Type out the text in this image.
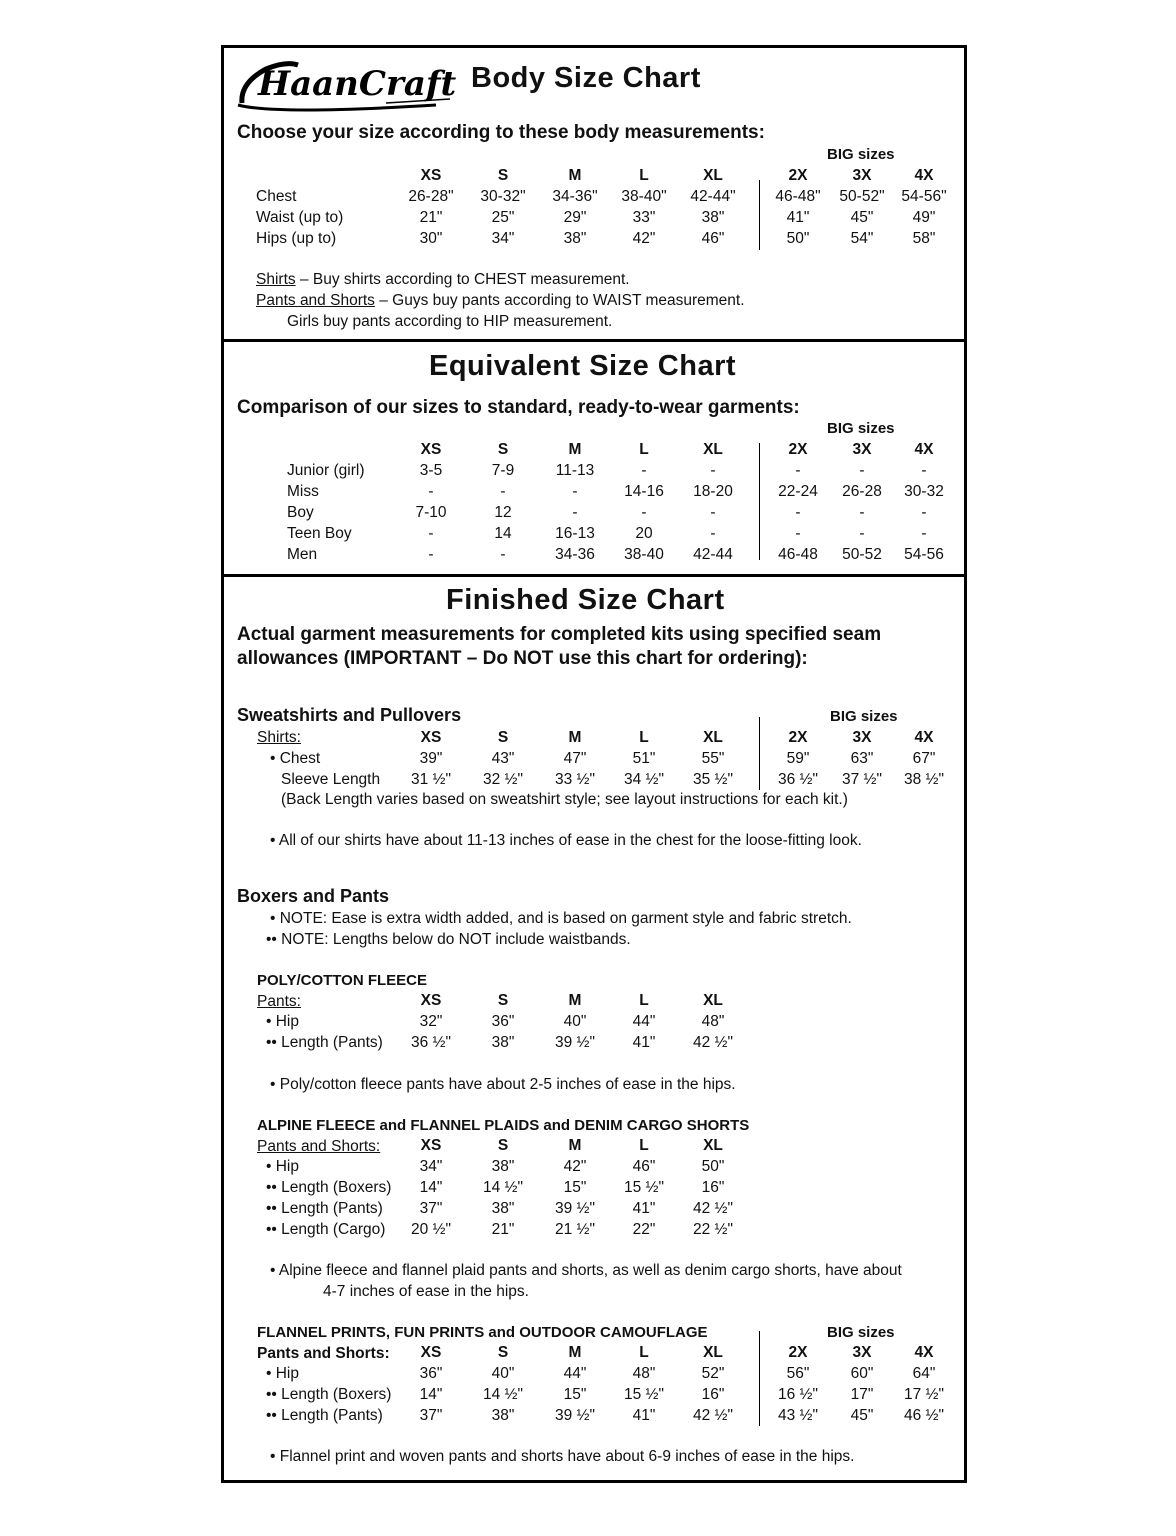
HaanCrafts
Body Size Chart
Choose your size according to these body measurements:
BIG sizes
XS	S	M	L	XL	2X	3X	4X
Chest	26-28" 30-32" 34-36" 38-40" 42-44"	46-48" 50-52" 54-56"
Waist (up to)	21"	25"	29"	33"	38"	41"	45"	49"
Hips (up to)	30"	34"	38"	42"	46"	50"	54"	58"
Shirts – Buy shirts according to CHEST measurement.
Pants and Shorts – Guys buy pants according to WAIST measurement.
Girls buy pants according to HIP measurement.
Equivalent Size Chart
Comparison of our sizes to standard, ready-to-wear garments:
BIG sizes
XS	S	M	L	XL	2X	3X	4X
Junior (girl)	3-5	7-9	11-13	-	-	-	-	-
Miss	-	-	-	14-16 18-20	22-24 26-28 30-32
Boy	7-10	12	-	-	-	-	-	-
Teen Boy	-	14	16-13	20	-	-	-	-
Men	-	-	34-36 38-40 42-44	46-48 50-52 54-56
Finished Size Chart
Actual garment measurements for completed kits using specified seam
allowances (IMPORTANT – Do NOT use this chart for ordering):
Sweatshirts and Pullovers	BIG sizes
Shirts:	XS	S	M	L	XL	2X	3X	4X
• Chest	39"	43"	47"	51"	55"	59"	63"	67"
Sleeve Length 31 ½" 32 ½" 33 ½" 34 ½" 35 ½"	36 ½" 37 ½" 38 ½"
(Back Length varies based on sweatshirt style; see layout instructions for each kit.)
• All of our shirts have about 11-13 inches of ease in the chest for the loose-fitting look.
Boxers and Pants
• NOTE: Ease is extra width added, and is based on garment style and fabric stretch.
•• NOTE: Lengths below do NOT include waistbands.
POLY/COTTON FLEECE
Pants:	XS	S	M	L	XL
• Hip	32"	36"	40"	44"	48"
•• Length (Pants) 36 ½"	38"	39 ½" 41" 42 ½"
• Poly/cotton fleece pants have about 2-5 inches of ease in the hips.
ALPINE FLEECE and FLANNEL PLAIDS and DENIM CARGO SHORTS
Pants and Shorts:	XS	S	M	L	XL
• Hip	34"	38"	42"	46"	50"
•• Length (Boxers) 14"	14 ½"	15" 15 ½" 16"
•• Length (Pants) 37"	38"	39 ½" 41" 42 ½"
•• Length (Cargo) 20 ½"	21"	21 ½" 22" 22 ½"
• Alpine fleece and flannel plaid pants and shorts, as well as denim cargo shorts, have about
4-7 inches of ease in the hips.
FLANNEL PRINTS, FUN PRINTS and OUTDOOR CAMOUFLAGE	BIG sizes
Pants and Shorts: XS	S	M	L	XL	2X	3X	4X
• Hip	36"	40"	44"	48"	52"	56"	60"	64"
•• Length (Boxers) 14"	14 ½"	15" 15 ½" 16"	16 ½" 17" 17 ½"
•• Length (Pants) 37"	38"	39 ½" 41" 42 ½"	43 ½" 45" 46 ½"
• Flannel print and woven pants and shorts have about 6-9 inches of ease in the hips.
